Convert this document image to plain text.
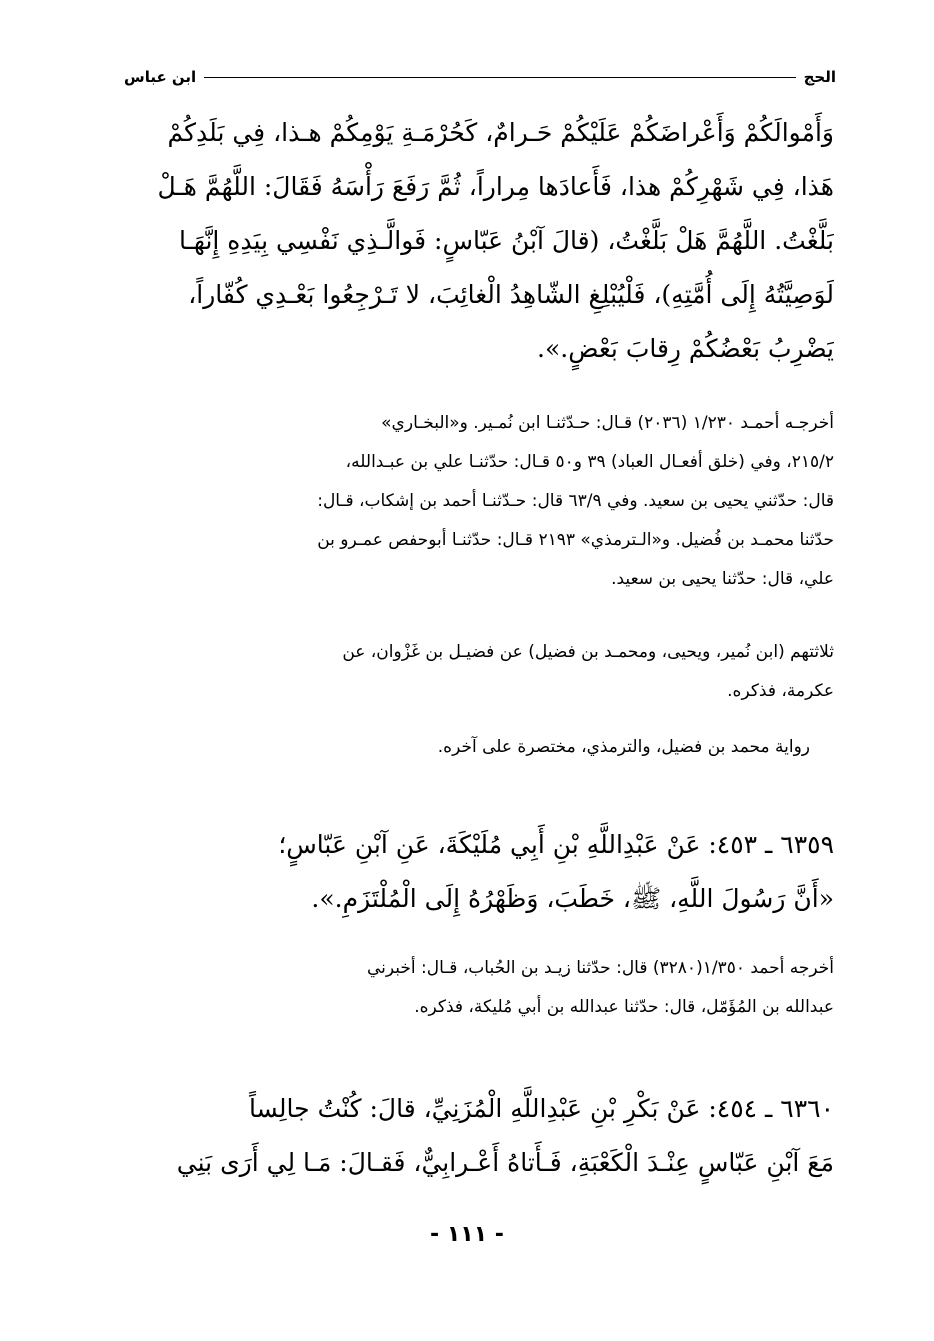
الحج
ابن عباس
وَأَمْوالَكُمْ وَأَعْراضَكُمْ عَلَيْكُمْ حَـرامٌ، كَحُرْمَـةِ يَوْمِكُمْ هـذا، فِي بَلَدِكُمْ
هَذا، فِي شَهْرِكُمْ هذا، فَأَعادَها مِراراً، ثُمَّ رَفَعَ رَأْسَهُ فَقَالَ: اللَّهُمَّ هَـلْ
بَلَّغْتُ. اللَّهُمَّ هَلْ بَلَّغْتُ، (قالَ آبْنُ عَبّاسٍ: فَوالَّـذِي نَفْسِي بِيَدِهِ إِنَّهَـا
لَوَصِيَّتُهُ إِلَى أُمَّتِهِ)، فَلْيُبْلِغِ الشّاهِدُ الْغائِبَ، لا تَـرْجِعُوا بَعْـدِي كُفّاراً،
يَضْرِبُ بَعْضُكُمْ رِقابَ بَعْضٍ.».
أخرجـه أحمـد ١/٢٣٠ (٢٠٣٦) قـال: حـدّثنـا ابن نُمـير. و«البخـاري»
٢١٥/٢، وفي (خلق أفعـال العباد) ٣٩ و٥٠ قـال: حدّثنـا علي بن عبـدالله،
قال: حدّثني يحيى بن سعيد. وفي ٦٣/٩ قال: حـدّثنـا أحمد بن إشكاب، قـال:
حدّثنا محمـد بن فُضيل. و«الـترمذي» ٢١٩٣ قـال: حدّثنـا أبوحفص عمـرو بن
علي، قال: حدّثنا يحيى بن سعيد.
ثلاثتهم (ابن نُمير، ويحيى، ومحمـد بن فضيل) عن فضيـل بن غَزْوان، عن
عكرمة، فذكره.
رواية محمد بن فضيل، والترمذي، مختصرة على آخره.
٦٣٥٩ ـ ٤٥٣: عَنْ عَبْدِاللَّهِ بْنِ أَبِي مُلَيْكَةَ، عَنِ آبْنِ عَبّاسٍ؛
«أَنَّ رَسُولَ اللَّهِ، ﷺ، خَطَبَ، وَظَهْرُهُ إِلَى الْمُلْتَزَمِ.».
أخرجه أحمد ١/٣٥٠(٣٢٨٠) قال: حدّثنا زيـد بن الحُباب، قـال: أخبرني
عبدالله بن المُؤَمّل، قال: حدّثنا عبدالله بن أبي مُليكة، فذكره.
٦٣٦٠ ـ ٤٥٤: عَنْ بَكْرِ بْنِ عَبْدِاللَّهِ الْمُزَنِيِّ، قالَ: كُنْتُ جالِساً
مَعَ آبْنِ عَبّاسٍ عِنْـدَ الْكَعْبَةِ، فَـأَتاهُ أَعْـرابِيٌّ، فَقـالَ: مَـا لِي أَرَى بَنِي
- ١١١ -
